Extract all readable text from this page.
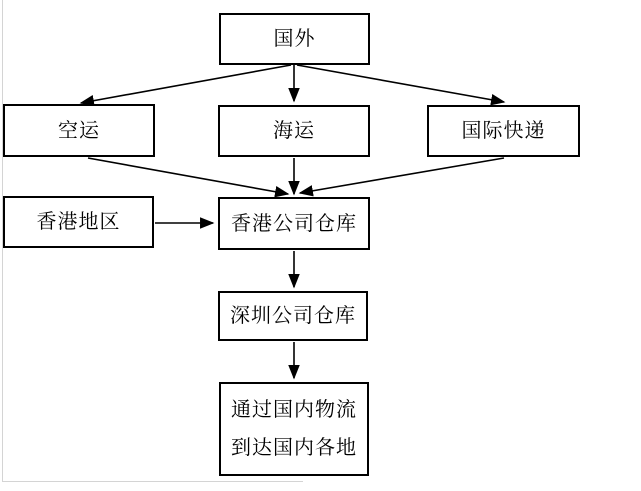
国外
空运	海运	国际快递
香港地区	香港公司仓库
深圳公司仓库
通过国内物流
到达国内各地
